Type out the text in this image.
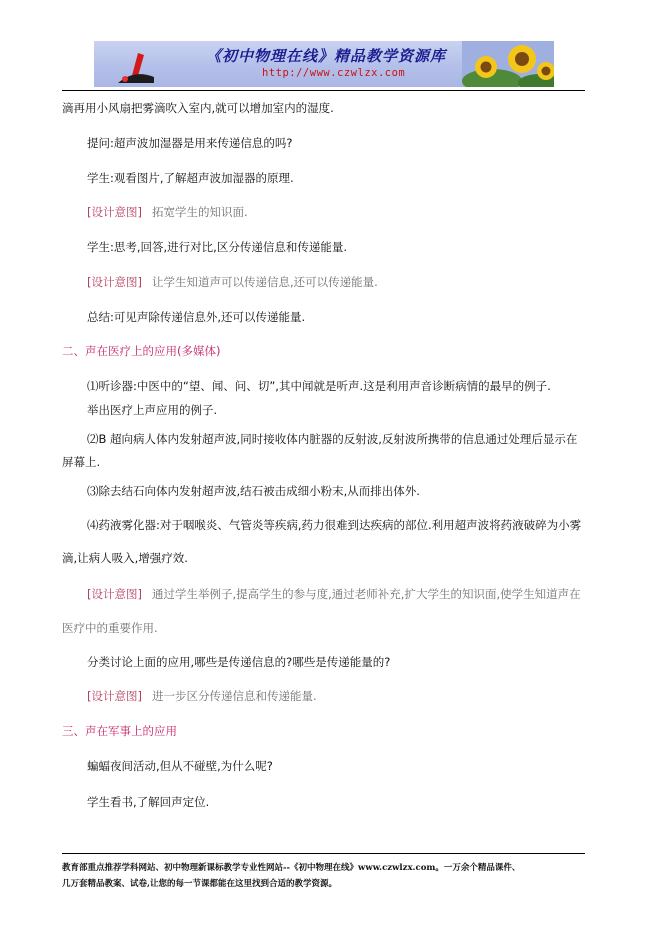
《初中物理在线》精品教学资源库
http://www.czwlzx.com
滴再用小风扇把雾滴吹入室内,就可以增加室内的湿度.
提问:超声波加湿器是用来传递信息的吗?
学生:观看图片,了解超声波加湿器的原理.
[设计意图] 拓宽学生的知识面.
学生:思考,回答,进行对比,区分传递信息和传递能量.
[设计意图] 让学生知道声可以传递信息,还可以传递能量.
总结:可见声除传递信息外,还可以传递能量.
二、声在医疗上的应用(多媒体)
⑴听诊器:中医中的“望、闻、问、切”,其中闻就是听声.这是利用声音诊断病情的最早的例子.
举出医疗上声应用的例子.
⑵B 超向病人体内发射超声波,同时接收体内脏器的反射波,反射波所携带的信息通过处理后显示在
屏幕上.
⑶除去结石向体内发射超声波,结石被击成细小粉末,从而排出体外.
⑷药液雾化器:对于咽喉炎、气管炎等疾病,药力很难到达疾病的部位.利用超声波将药液破碎为小雾
滴,让病人吸入,增强疗效.
[设计意图] 通过学生举例子,提高学生的参与度,通过老师补充,扩大学生的知识面,使学生知道声在
医疗中的重要作用.
分类讨论上面的应用,哪些是传递信息的?哪些是传递能量的?
[设计意图] 进一步区分传递信息和传递能量.
三、声在军事上的应用
蝙蝠夜间活动,但从不碰壁,为什么呢?
学生看书,了解回声定位.
教育部重点推荐学科网站、初中物理新课标教学专业性网站--《初中物理在线》www.czwlzx.com。一万余个精品课件、
几万套精品教案、试卷,让您的每一节课都能在这里找到合适的教学资源。
